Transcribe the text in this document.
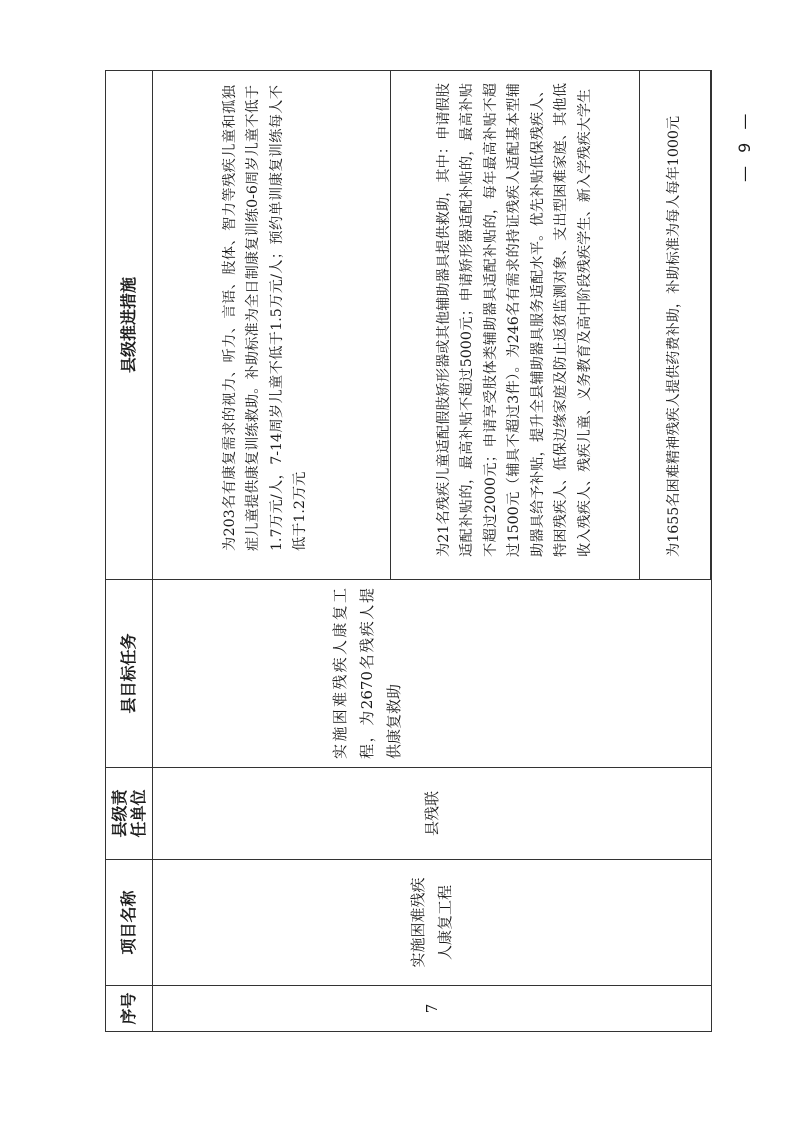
序号	项目名称	县级责任单位	县目标任务	县级推进措施
7	实施困难残疾人康复工程	县残联	实施困难残疾人康复工程，为2670名残疾人提供康复救助	为203名有康复需求的视力、听力、言语、肢体、智力等残疾儿童和孤独症儿童提供康复训练救助。补助标准为全日制康复训练0-6周岁儿童不低于1.7万元/人，7-14周岁儿童不低于1.5万元/人；预约单训康复训练每人不低于1.2万元
				为21名残疾儿童适配假肢矫形器或其他辅助器具提供救助，其中：申请假肢适配补贴的，最高补贴不超过5000元；申请矫形器适配补贴的，最高补贴不超过2000元；申请享受肢体类辅助器具适配补贴的，每年最高补贴不超过1500元（辅具不超过3件）。为246名有需求的持证残疾人适配基本型辅助器具给予补贴，提升全县辅助器具服务适配水平。优先补贴低保残疾人、特困残疾人、低保边缘家庭及防止返贫监测对象、支出型困难家庭、其他低收入残疾人、残疾儿童、义务教育及高中阶段残疾学生、新入学残疾大学生
				为1655名困难精神残疾人提供药费补助，补助标准为每人每年1000元	— 9 —
